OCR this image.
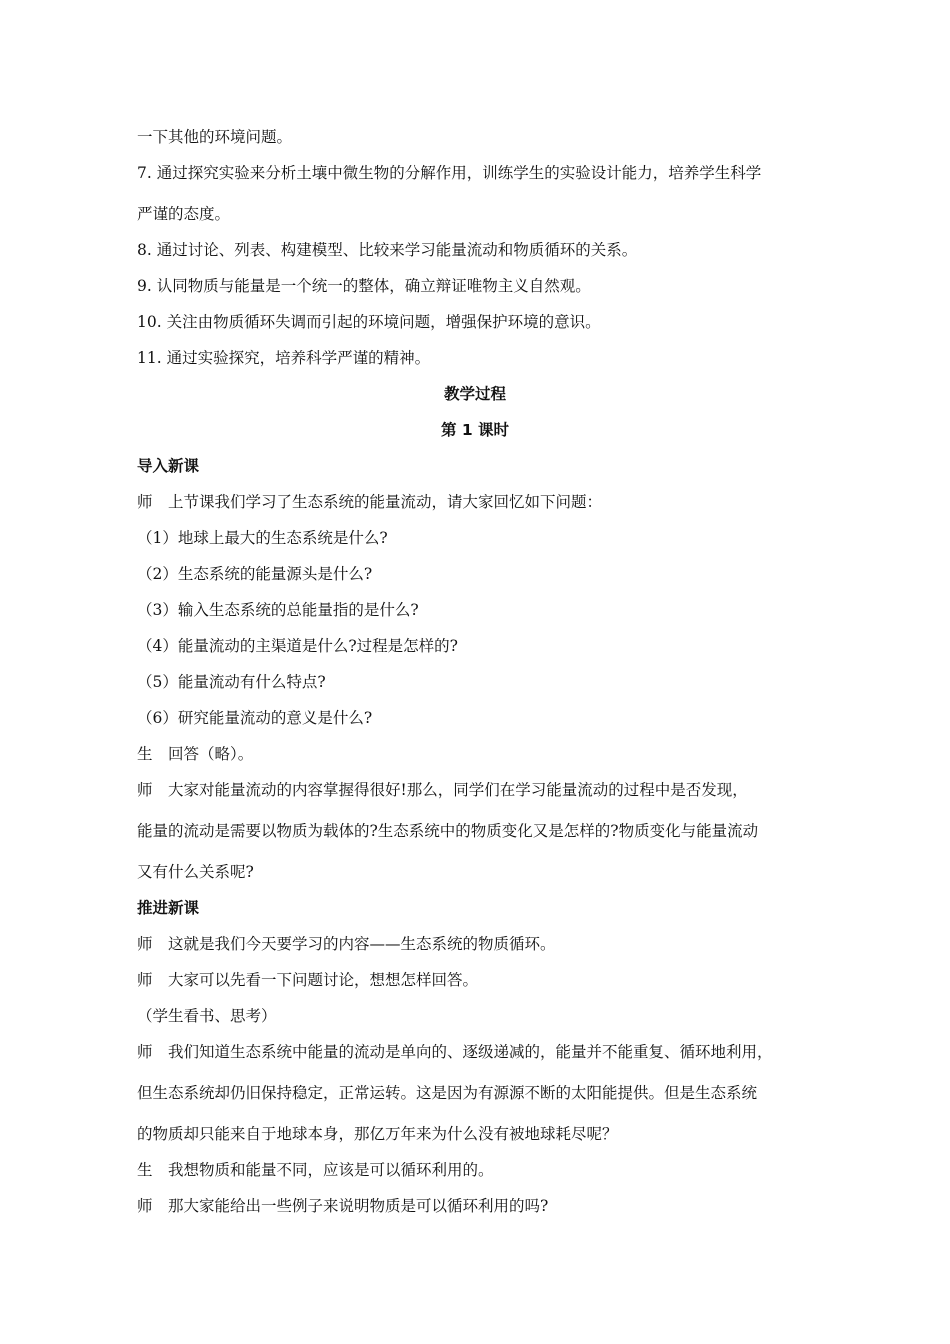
一下其他的环境问题。
7. 通过探究实验来分析土壤中微生物的分解作用，训练学生的实验设计能力，培养学生科学
严谨的态度。
8. 通过讨论、列表、构建模型、比较来学习能量流动和物质循环的关系。
9. 认同物质与能量是一个统一的整体，确立辩证唯物主义自然观。
10. 关注由物质循环失调而引起的环境问题，增强保护环境的意识。
11. 通过实验探究，培养科学严谨的精神。
教学过程
第 1 课时
导入新课
师　上节课我们学习了生态系统的能量流动，请大家回忆如下问题：
（1）地球上最大的生态系统是什么?
（2）生态系统的能量源头是什么?
（3）输入生态系统的总能量指的是什么?
（4）能量流动的主渠道是什么?过程是怎样的?
（5）能量流动有什么特点?
（6）研究能量流动的意义是什么?
生　回答（略）。
师　大家对能量流动的内容掌握得很好!那么，同学们在学习能量流动的过程中是否发现，
能量的流动是需要以物质为载体的?生态系统中的物质变化又是怎样的?物质变化与能量流动
又有什么关系呢?
推进新课
师　这就是我们今天要学习的内容——生态系统的物质循环。
师　大家可以先看一下问题讨论，想想怎样回答。
（学生看书、思考）
师　我们知道生态系统中能量的流动是单向的、逐级递减的，能量并不能重复、循环地利用，
但生态系统却仍旧保持稳定，正常运转。这是因为有源源不断的太阳能提供。但是生态系统
的物质却只能来自于地球本身，那亿万年来为什么没有被地球耗尽呢？
生　我想物质和能量不同，应该是可以循环利用的。
师　那大家能给出一些例子来说明物质是可以循环利用的吗?
